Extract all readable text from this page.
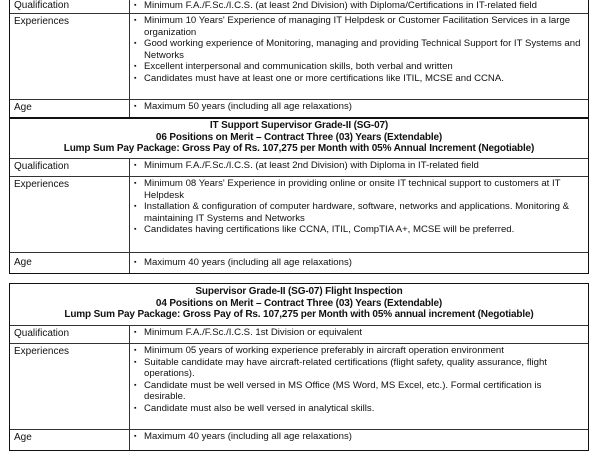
Qualification	▪ Minimum F.A./F.Sc./I.C.S. (at least 2nd Division) with Diploma/Certifications in IT-related field
Experiences	▪ Minimum 10 Years' Experience of managing IT Helpdesk or Customer Facilitation Services in a large organization
▪ Good working experience of Monitoring, managing and providing Technical Support for IT Systems and Networks
▪ Excellent interpersonal and communication skills, both verbal and written
▪ Candidates must have at least one or more certifications like ITIL, MCSE and CCNA.
Age	▪ Maximum 50 years (including all age relaxations)
IT Support Supervisor Grade-II (SG-07)
06 Positions on Merit – Contract Three (03) Years (Extendable)
Lump Sum Pay Package: Gross Pay of Rs. 107,275 per Month with 05% Annual Increment (Negotiable)
Qualification	▪ Minimum F.A./F.Sc./I.C.S. (at least 2nd Division) with Diploma in IT-related field
Experiences	▪ Minimum 08 Years' Experience in providing online or onsite IT technical support to customers at IT Helpdesk
▪ Installation & configuration of computer hardware, software, networks and applications. Monitoring & maintaining IT Systems and Networks
▪ Candidates having certifications like CCNA, ITIL, CompTIA A+, MCSE will be preferred.
Age	▪ Maximum 40 years (including all age relaxations)
Supervisor Grade-II (SG-07) Flight Inspection
04 Positions on Merit – Contract Three (03) Years (Extendable)
Lump Sum Pay Package: Gross Pay of Rs. 107,275 per Month with 05% annual increment (Negotiable)
Qualification	▪ Minimum F.A./F.Sc./I.C.S. 1st Division or equivalent
Experiences	▪ Minimum 05 years of working experience preferably in aircraft operation environment
▪ Suitable candidate may have aircraft-related certifications (flight safety, quality assurance, flight operations).
▪ Candidate must be well versed in MS Office (MS Word, MS Excel, etc.). Formal certification is desirable.
▪ Candidate must also be well versed in analytical skills.
Age	▪ Maximum 40 years (including all age relaxations)
